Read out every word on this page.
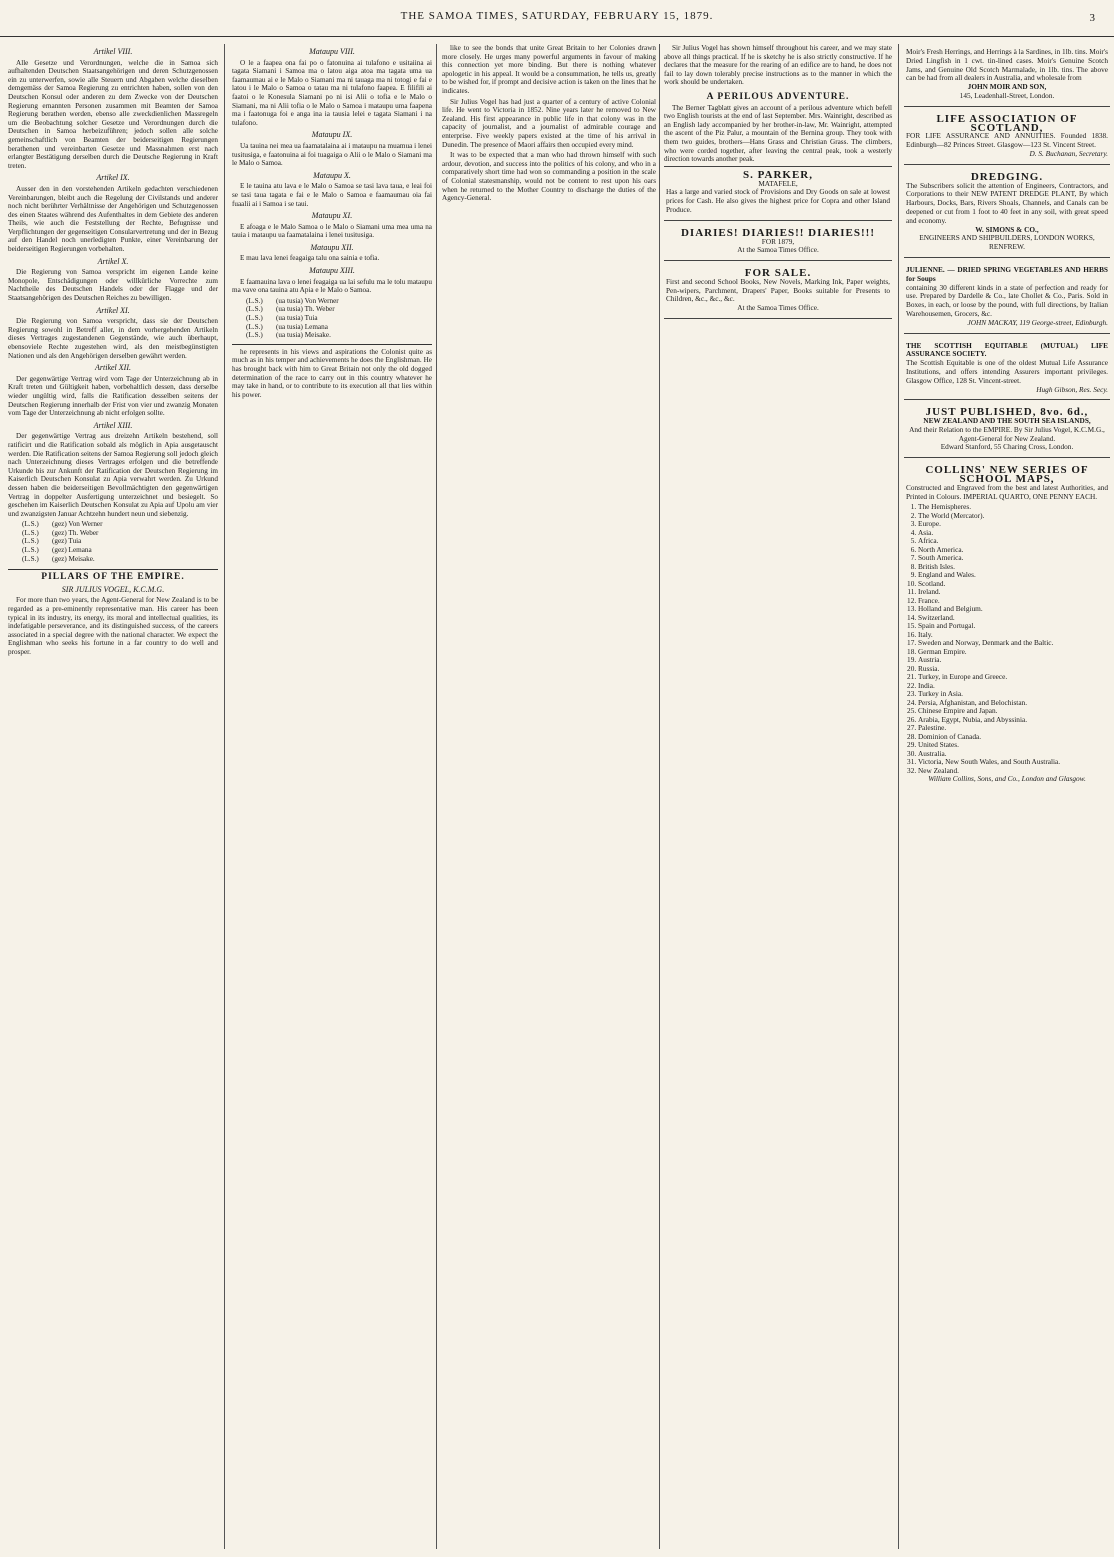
THE SAMOA TIMES, SATURDAY, FEBRUARY 15, 1879.	3
Artikel VIII.

Alle Gesetze und Verordnungen, welche die in Samoa sich aufhaltenden Deutschen Staatsangehörigen und deren Schutzgenossen ein zu unterwerfen, sowie alle Steuern und Abgaben welche dieselben demgemäss der Samoa Regierung zu entrichten haben, sollen von den Deutschen Konsul oder anderen zu dem Zwecke von der Deutschen Regierung ernannten Personen zusammen mit Beamten der Samoa Regierung berathen werden, ebenso alle zweckdienlichen Massregeln um die Beobachtung solcher Gesetze und Verordnungen durch die Deutschen in Samoa herbeizuführen; jedoch sollen alle solche gemeinschaftlich von Beamten der beiderseitigen Regierungen berathenen und vereinbarten Gesetze und Massnahmen erst nach erlangter Bestätigung derselben durch die Deutsche Regierung in Kraft treten.

Artikel IX.

Ausser den in den vorstehenden Artikeln gedachten verschiedenen Vereinbarungen, bleibt auch die Regelung der Civilstands und anderer noch nicht berührter Verhältnisse der Angehörigen und Schutzgenossen des einen Staates während des Aufenthaltes in dem Gebiete des anderen Theils, wie auch die Feststellung der Rechte, Befugnisse und Verpflichtungen der gegenseitigen Consularvertretung und der in Bezug auf den Handel noch unerledigten Punkte, einer Vereinbarung der beiderseitigen Regierungen vorbehalten.

Artikel X.

Die Regierung von Samoa verspricht im eigenen Lande keine Monopole, Entschädigungen oder willkürliche Vorrechte zum Nachtheile des Deutschen Handels oder der Flagge und der Staatsangehörigen des Deutschen Reiches zu bewilligen.

Artikel XI.

Die Regierung von Samoa verspricht, dass sie der Deutschen Regierung sowohl in Betreff aller, in dem vorhergehenden Artikeln dieses Vertrages zugestandenen Gegenstände, wie auch überhaupt, ebensoviele Rechte zugestehen wird, als den meistbegünstigten Nationen und als den Angehörigen derselben gewährt werden.

Artikel XII.

Der gegenwärtige Vertrag wird vom Tage der Unterzeichnung ab in Kraft treten und Gültigkeit haben, vorbehaltlich dessen, dass derselbe wieder ungültig wird, falls die Ratification desselben seitens der Deutschen Regierung innerhalb der Frist von vier und zwanzig Monaten vom Tage der Unterzeichnung ab nicht erfolgen sollte.

Artikel XIII.

Der gegenwärtige Vertrag aus dreizehn Artikeln bestehend, soll ratificirt und die Ratification sobald als möglich in Apia ausgetauscht werden. Die Ratification seitens der Samoa Regierung soll jedoch gleich nach Unterzeichnung dieses Vertrages erfolgen und die betreffende Urkunde bis zur Ankunft der Ratification der Deutschen Regierung im Kaiserlich Deutschen Konsulat zu Apia verwahrt werden. Zu Urkund dessen haben die beiderseitigen Bevollmächtigten den gegenwärtigen Vertrag in doppelter Ausfertigung unterzeichnet und besiegelt. So geschehen im Kaiserlich Deutschen Konsulat zu Apia auf Upolu am vier und zwanzigsten Januar Achtzehn hundert neun und siebenzig.

(L.S.)	(gez) Von Werner
(L.S.)	(gez) Th. Weber
(L.S.)	(gez) Tuia
(L.S.)	(gez) Lemana
(L.S.)	(gez) Meisake.
PILLARS OF THE EMPIRE.
SIR JULIUS VOGEL, K.C.M.G.

For more than two years, the Agent-General for New Zealand is to be regarded as a pre-eminently representative man. His career has been typical in its industry, its energy, its moral and intellectual qualities, its indefatigable perseverance, and its distinguished success, of the careers associated in a special degree with the national character. We expect the Englishman who seeks his fortune in a far country to do well and prosper.

Mataupu VIII.

O le a faapea ona fai po o fatonuina ai tulafono e usitaiina ai tagata Siamani i Samoa ma o latou aiga atoa ma tagata uma ua faamaumau ai e le Malo o Siamani ma ni tauaga ma ni totogi e fai e latou i le Malo o Samoa o tatau ma ni tulafono faapea. E filifili ai faatoi o le Konesula Siamani po ni isi Alii o tofia e le Malo o Siamani, ma ni Alii tofia o le Malo o Samoa i mataupu uma faapena ma i faatonuga foi e anga ina ia tausia lelei e tagata Siamani i na tulafono.

Mataupu IX.

Ua tauina nei mea ua faamatalaina ai i mataupu na muamua i lenei tusitusiga, e faatonuina ai foi tuagaiga o Alii o le Malo o Siamani ma le Malo o Samoa.

Mataupu X.

E le tauina atu lava e le Malo o Samoa se tasi lava taua, e leai foi se tasi taua tagata e fai e le Malo o Samoa e faamaumau oia fai fuaalii ai i Samoa i se taui.

Mataupu XI.

E afoaga e le Malo Samoa o le Malo o Siamani uma mea uma na tauia i mataupu ua faamatalaina i lenei tusitusiga.

Mataupu XII.

E mau lava lenei feagaiga talu ona sainia e tofia.

Mataupu XIII.

E faamauina lava o lenei feagaiga ua lai sefulu ma le tolu mataupu ma vave ona tauina atu Apia e le Malo o Samoa.

(L.S.)	(ua tusia) Von Werner
(L.S.)	(ua tusia) Th. Weber
(L.S.)	(ua tusia) Tuia
(L.S.)	(ua tusia) Lemana
(L.S.)	(ua tusia) Meisake.

he represents in his views and aspirations the Colonist quite as much as in his temper and achievements he does the Englishman. He has brought back with him to Great Britain not only the old dogged determination of the race to carry out in this country whatever he may take in hand, or to contribute to its execution all that lies within his power.

like to see the bonds that unite Great Britain to her Colonies drawn more closely. He urges many powerful arguments in favour of making this connection yet more binding. But there is nothing whatever apologetic in his appeal. It would be a consummation, he tells us, greatly to be wished for, if prompt and decisive action is taken on the lines that he indicates.

Sir Julius Vogel has had just a quarter of a century of active Colonial life. He went to Victoria in 1852. Nine years later he removed to New Zealand. His first appearance in public life in that colony was in the capacity of journalist, and a journalist of admirable courage and enterprise. Five weekly papers existed at the time of his arrival in Dunedin. The presence of Maori affairs then occupied every mind.

It was to be expected that a man who had thrown himself with such ardour, devotion, and success into the politics of his colony, and who in a comparatively short time had won so commanding a position in the scale of Colonial statesmanship, would not be content to rest upon his oars when he returned to the Mother Country to discharge the duties of the Agency-General.

Sir Julius Vogel has shown himself throughout his career, and we may state above all things practical. If he is sketchy he is also strictly constructive. If he declares that the measure for the rearing of an edifice are to hand, he does not fail to lay down tolerably precise instructions as to the manner in which the work should be undertaken.

A PERILOUS ADVENTURE.

The Berner Tagblatt gives an account of a perilous adventure which befell two English tourists at the end of last September. Mrs. Wainright, described as an English lady accompanied by her brother-in-law, Mr. Wainright, attempted the ascent of the Piz Palur, a mountain of the Bernina group. They took with them two guides, brothers—Hans Grass and Christian Grass. The climbers, who were corded together, after leaving the central peak, took a westerly direction towards another peak.

S. PARKER,
MATAFELE,
Has a large and varied stock of Provisions and Dry Goods on sale at lowest prices for Cash. He also gives the highest price for Copra and other Island Produce.
DIARIES! DIARIES!! DIARIES!!!
FOR 1879,
At the Samoa Times Office.
FOR SALE.
First and second School Books, New Novels, Marking Ink, Paper weights, Pen-wipers, Parchment, Drapers' Paper, Books suitable for Presents to Children, &c., &c., &c.
At the Samoa Times Office.
Moir's Fresh Herrings, and Herrings à la Sardines, in 1lb. tins. Moir's Dried Lingfish in 1 cwt. tin-lined cases. Moir's Genuine Scotch Jams, and Genuine Old Scotch Marmalade, in 1lb. tins. The above can be had from all dealers in Australia, and wholesale from
JOHN MOIR AND SON,
145, Leadenhall-Street, London.
LIFE ASSOCIATION OF SCOTLAND,
FOR LIFE ASSURANCE AND ANNUITIES. Founded 1838. Edinburgh—82 Princes Street. Glasgow—123 St. Vincent Street.
D. S. Buchanan, Secretary.
DREDGING.
The Subscribers solicit the attention of Engineers, Contractors, and Corporations to their NEW PATENT DREDGE PLANT, By which Harbours, Docks, Bars, Rivers Shoals, Channels, and Canals can be deepened or cut from 1 foot to 40 feet in any soil, with great speed and economy.
W. SIMONS & CO.,
ENGINEERS AND SHIPBUILDERS, LONDON WORKS, RENFREW.
JULIENNE. — DRIED SPRING VEGETABLES AND HERBS for Soups
containing 30 different kinds in a state of perfection and ready for use. Prepared by Dardelle & Co., late Chollet & Co., Paris. Sold in Boxes, in each, or loose by the pound, with full directions, by Italian Warehousemen, Grocers, &c.
JOHN MACKAY, 119 George-street, Edinburgh.
THE SCOTTISH EQUITABLE (MUTUAL) LIFE ASSURANCE SOCIETY.
The Scottish Equitable is one of the oldest Mutual Life Assurance Institutions, and offers intending Assurers important privileges. Glasgow Office, 128 St. Vincent-street.
Hugh Gibson, Res. Secy.
JUST PUBLISHED, 8vo. 6d.,
NEW ZEALAND AND THE SOUTH SEA ISLANDS,
And their Relation to the EMPIRE. By Sir Julius Vogel, K.C.M.G., Agent-General for New Zealand.
Edward Stanford, 55 Charing Cross, London.
COLLINS' NEW SERIES OF SCHOOL MAPS,
Constructed and Engraved from the best and latest Authorities, and Printed in Colours. IMPERIAL QUARTO, ONE PENNY EACH.
1. The Hemispheres.
2. The World (Mercator).
3. Europe.
4. Asia.
5. Africa.
6. North America.
7. South America.
8. British Isles.
9. England and Wales.
10. Scotland.
11. Ireland.
12. France.
13. Holland and Belgium.
14. Switzerland.
15. Spain and Portugal.
16. Italy.
17. Sweden and Norway, Denmark and the Baltic.
18. German Empire.
19. Austria.
20. Russia.
21. Turkey, in Europe and Greece.
22. India.
23. Turkey in Asia.
24. Persia, Afghanistan, and Belochistan.
25. Chinese Empire and Japan.
26. Arabia, Egypt, Nubia, and Abyssinia.
27. Palestine.
28. Dominion of Canada.
29. United States.
30. Australia.
31. Victoria, New South Wales, and South Australia.
32. New Zealand.
William Collins, Sons, and Co., London and Glasgow.
